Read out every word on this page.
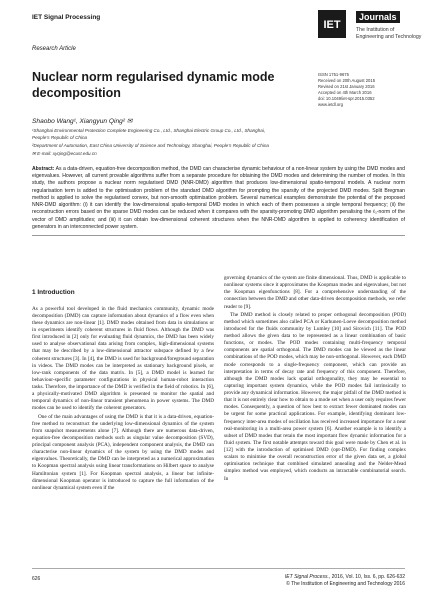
IET Signal Processing
Research Article
IET
Journals
The Institution of
Engineering and Technology
Nuclear norm regularised dynamic mode decomposition
ISSN 1751-9675
Received on 20th August 2015
Revised on 21st January 2016
Accepted on 4th March 2016
doi: 10.1049/iet-spr.2015.0352
www.ietdl.org
Shaobo Wang¹, Xiangyun Qing² ✉
¹Shanghai Environmental Protection Complete Engineering Co., Ltd., Shanghai Electric Group Co., Ltd., Shanghai,
People’s Republic of China
²Department of Automation, East China University of Science and Technology, Shanghai, People’s Republic of China
✉ E-mail: xyqing@ecust.edu.cn
Abstract: As a data-driven, equation-free decomposition method, the DMD can characterise dynamic behaviour of a non-linear system by using the DMD modes and eigenvalues. However, all current provable algorithms suffer from a separate procedure for obtaining the DMD modes and determining the number of modes. In this study, the authors propose a nuclear norm regularised DMD (NNR-DMD) algorithm that produces low-dimensional spatio-temporal models. A nuclear norm regularisation term is added to the optimisation problem of the standard DMD algorithm for prompting the sparsity of the projected DMD modes. Split Bregman method is applied to solve the regularised convex, but non-smooth optimisation problem. Several numerical examples demonstrate the potential of the proposed NNR-DMD algorithm: (i) it can identify the low-dimensional spatio-temporal DMD modes in which each of them possesses a single temporal frequency; (ii) the reconstruction errors based on the sparse DMD modes can be reduced when it compares with the sparsity-promoting DMD algorithm penalising the ℓ₁-norm of the vector of DMD amplitudes; and (iii) it can obtain low-dimensional coherent structures when the NNR-DMD algorithm is applied to coherency identification of generators in an interconnected power system.
1 Introduction

As a powerful tool developed in the fluid mechanics community, dynamic mode decomposition (DMD) can capture information about dynamics of a flow even when these dynamics are non-linear [1]. DMD modes obtained from data in simulations or in experiments identify coherent structures in fluid flows. Although the DMD was first introduced in [2] only for evaluating fluid dynamics, the DMD has been widely used to analyse observational data arising from complex, high-dimensional systems that may be described by a low-dimensional attractor subspace defined by a few coherent structures [3]. In [4], the DMD is used for background/foreground separation in videos. The DMD modes can be interpreted as stationary background pixels, or low-rank components of the data matrix. In [5], a DMD model is learned for behaviour-specific parameter configurations in physical human-robot interaction tasks. Therefore, the importance of the DMD is verified in the field of robotics. In [6], a physically-motivated DMD algorithm is presented to monitor the spatial and temporal dynamics of non-linear transient phenomena in power systems. The DMD modes can be used to identify the coherent generators.

One of the main advantages of using the DMD is that it is a data-driven, equation-free method to reconstruct the underlying low-dimensional dynamics of the system from snapshot measurements alone [7]. Although there are numerous data-driven, equation-free decomposition methods such as singular value decomposition (SVD), principal component analysis (PCA), independent component analysis, the DMD can characterise non-linear dynamics of the system by using the DMD modes and eigenvalues. Theoretically, the DMD can be interpreted as a numerical approximation to Koopman spectral analysis using linear transformations on Hilbert space to analyse Hamiltonian system [1]. For Koopman spectral analysis, a linear but infinite-dimensional Koopman operator is introduced to capture the full information of the nonlinear dynamical system even if the

governing dynamics of the system are finite dimensional. Thus, DMD is applicable to nonlinear systems since it approximates the Koopman modes and eigenvalues, but not the Koopman eigenfunctions [8]. For a comprehensive understanding of the connection between the DMD and other data-driven decomposition methods, we refer reader to [9].

The DMD method is closely related to proper orthogonal decomposition (POD) method which sometimes also called PCA or Karhunen-Loeve decomposition method introduced for the fluids community by Lumley [10] and Sirovich [11]. The POD method allows the given data to be represented as a linear combination of basic functions, or modes. The POD modes containing multi-frequency temporal components are spatial orthogonal. The DMD modes can be viewed as the linear combinations of the POD modes, which may be non-orthogonal. However, each DMD mode corresponds to a single-frequency component, which can provide an interpretation in terms of decay rate and frequency of this component. Therefore, although the DMD modes lack spatial orthogonality, they may be essential to capturing important system dynamics, while the POD modes fail intrinsically to provide any dynamical information. However, the major pitfall of the DMD method is that it is not entirely clear how to obtain to a mode set when a user only requires fewer modes. Consequently, a question of how best to extract fewer dominated modes can be urgent for some practical applications. For example, identifying dominant low-frequency inter-area modes of oscillation has received increased importance for a near real-monitoring in a multi-area power system [6]. Another example is to identify a subset of DMD modes that retain the most important flow dynamic information for a fluid system. The first notable attempts toward this goal were made by Chen et al. in [12] with the introduction of optimised DMD (opt-DMD). For finding complex scalars to minimise the overall reconstruction error of the given data set, a global optimisation technique that combined simulated annealing and the Nelder-Mead simplex method was employed, which conducts an intractable combinatorial search. In

626	IET Signal Process., 2016, Vol. 10, Iss. 6, pp. 626-632
© The Institution of Engineering and Technology 2016
